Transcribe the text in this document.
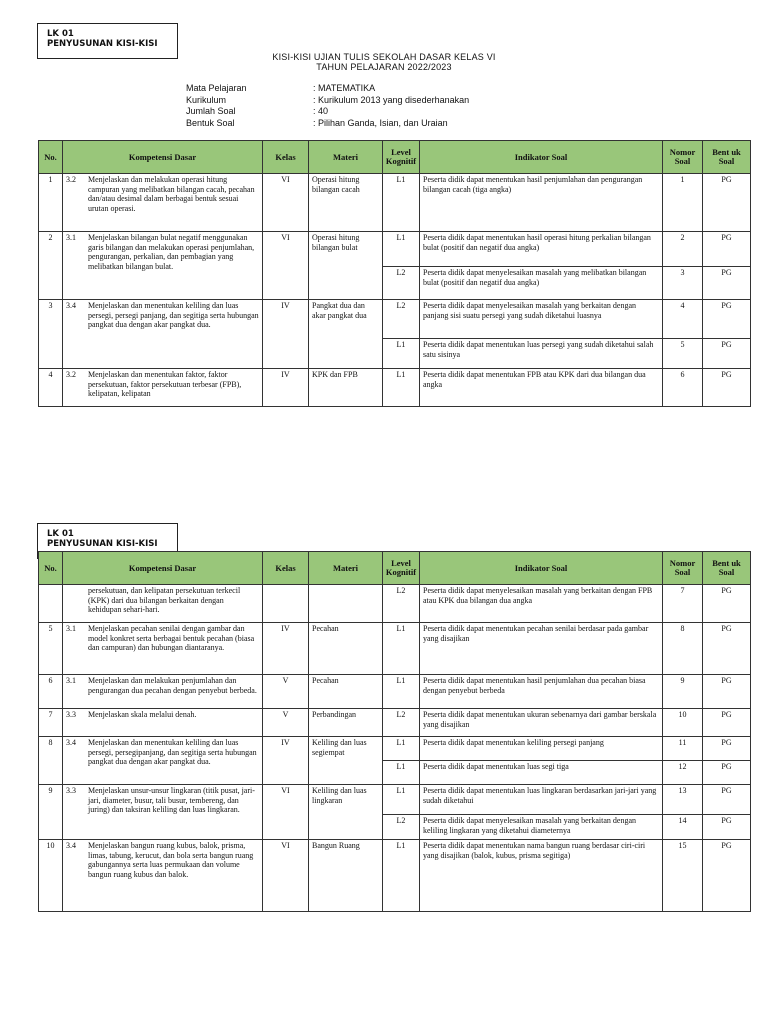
LK 01
PENYUSUNAN KISI-KISI
KISI-KISI UJIAN TULIS SEKOLAH DASAR KELAS VI
TAHUN PELAJARAN 2022/2023
Mata Pelajaran	: MATEMATIKA
Kurikulum	: Kurikulum 2013 yang disederhanakan
Jumlah Soal	: 40
Bentuk Soal	: Pilihan Ganda, Isian, dan Uraian
No.	Kompetensi Dasar	Kelas	Materi	Level Kognitif	Indikator Soal	Nomor Soal	Bent uk Soal
1	3.2 Menjelaskan dan melakukan operasi hitung campuran yang melibatkan bilangan cacah, pecahan dan/atau desimal dalam berbagai bentuk sesuai urutan operasi.	VI	Operasi hitung bilangan cacah	L1	Peserta didik dapat menentukan hasil penjumlahan dan pengurangan bilangan cacah (tiga angka)	1	PG
2	3.1 Menjelaskan bilangan bulat negatif menggunakan garis bilangan dan melakukan operasi penjumlahan, pengurangan, perkalian, dan pembagian yang melibatkan bilangan bulat.	VI	Operasi hitung bilangan bulat	L1	Peserta didik dapat menentukan hasil operasi hitung perkalian bilangan bulat (positif dan negatif dua angka)	2	PG
				L2	Peserta didik dapat menyelesaikan masalah yang melibatkan bilangan bulat (positif dan negatif dua angka)	3	PG
3	3.4 Menjelaskan dan menentukan keliling dan luas persegi, persegi panjang, dan segitiga serta hubungan pangkat dua dengan akar pangkat dua.	IV	Pangkat dua dan akar pangkat dua	L2	Peserta didik dapat menyelesaikan masalah yang berkaitan dengan panjang sisi suatu persegi yang sudah diketahui luasnya	4	PG
				L1	Peserta didik dapat menentukan luas persegi yang sudah diketahui salah satu sisinya	5	PG
4	3.2 Menjelaskan dan menentukan faktor, faktor persekutuan, faktor persekutuan terbesar (FPB), kelipatan, kelipatan	IV	KPK dan FPB	L1	Peserta didik dapat menentukan FPB atau KPK dari dua bilangan dua angka	6	PG
LK 01
PENYUSUNAN KISI-KISI
No.	Kompetensi Dasar	Kelas	Materi	Level Kognitif	Indikator Soal	Nomor Soal	Bent uk Soal

	persekutuan, dan kelipatan persekutuan terkecil (KPK) dari dua bilangan berkaitan dengan kehidupan sehari-hari.			L2	Peserta didik dapat menyelesaikan masalah yang berkaitan dengan FPB atau KPK dua bilangan dua angka	7	PG
5	3.1 Menjelaskan pecahan senilai dengan gambar dan model konkret serta berbagai bentuk pecahan (biasa dan campuran) dan hubungan diantaranya.	IV	Pecahan	L1	Peserta didik dapat menentukan pecahan senilai berdasar pada gambar yang disajikan	8	PG
6	3.1 Menjelaskan dan melakukan penjumlahan dan pengurangan dua pecahan dengan penyebut berbeda.	V	Pecahan	L1	Peserta didik dapat menentukan hasil penjumlahan dua pecahan biasa dengan penyebut berbeda	9	PG
7	3.3 Menjelaskan skala melalui denah.	V	Perbandingan	L2	Peserta didik dapat menentukan ukuran sebenarnya dari gambar berskala yang disajikan	10	PG
8	3.4 Menjelaskan dan menentukan keliling dan luas persegi, persegipanjang, dan segitiga serta hubungan pangkat dua dengan akar pangkat dua.	IV	Keliling dan luas segiempat	L1	Peserta didik dapat menentukan keliling persegi panjang	11	PG
				L1	Peserta didik dapat menentukan luas segi tiga	12	PG
9	3.3 Menjelaskan unsur-unsur lingkaran (titik pusat, jari-jari, diameter, busur, tali busur, tembereng, dan juring) dan taksiran keliling dan luas lingkaran.	VI	Keliling dan luas lingkaran	L1	Peserta didik dapat menentukan luas lingkaran berdasarkan jari-jari yang sudah diketahui	13	PG
				L2	Peserta didik dapat menyelesaikan masalah yang berkaitan dengan keliling lingkaran yang diketahui diameternya	14	PG
10	3.4 Menjelaskan bangun ruang kubus, balok, prisma, limas, tabung, kerucut, dan bola serta bangun ruang gabungannya serta luas permukaan dan volume bangun ruang kubus dan balok.	VI	Bangun Ruang	L1	Peserta didik dapat menentukan nama bangun ruang berdasar ciri-ciri yang disajikan (balok, kubus, prisma segitiga)	15	PG
